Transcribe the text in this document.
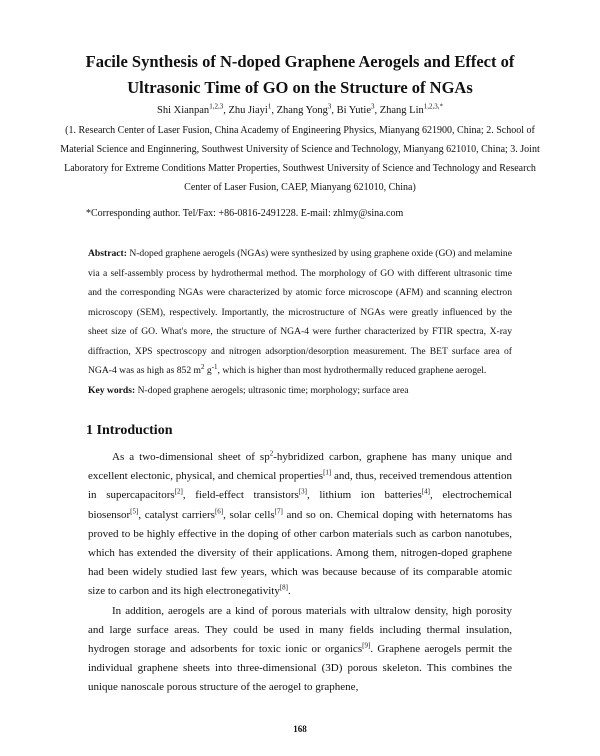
Facile Synthesis of N-doped Graphene Aerogels and Effect of
Ultrasonic Time of GO on the Structure of NGAs
Shi Xianpan$^{1,2,3}$, Zhu Jiayi$^1$, Zhang Yong$^3$, Bi Yutie$^3$, Zhang Lin$^{1,2,3,*}$
(1. Research Center of Laser Fusion, China Academy of Engineering Physics, Mianyang 621900, China; 2. School of Material Science and Enginnering, Southwest University of Science and Technology, Mianyang 621010, China; 3. Joint Laboratory for Extreme Conditions Matter Properties, Southwest University of Science and Technology and Research Center of Laser Fusion, CAEP, Mianyang 621010, China)
*Corresponding author. Tel/Fax: +86-0816-2491228. E-mail: zhlmy@sina.com
Abstract: N-doped graphene aerogels (NGAs) were synthesized by using graphene oxide (GO) and melamine via a self-assembly process by hydrothermal method. The morphology of GO with different ultrasonic time and the corresponding NGAs were characterized by atomic force microscope (AFM) and scanning electron microscopy (SEM), respectively. Importantly, the microstructure of NGAs were greatly influenced by the sheet size of GO. What's more, the structure of NGA-4 were further characterized by FTIR spectra, X-ray diffraction, XPS spectroscopy and nitrogen adsorption/desorption measurement. The BET surface area of NGA-4 was as high as 852 $m^2$ $g^{-1}$, which is higher than most hydrothermally reduced graphene aerogel.
Key words: N-doped graphene aerogels; ultrasonic time; morphology; surface area
1 Introduction

As a two-dimensional sheet of $sp^2$-hybridized carbon, graphene has many unique and excellent electonic, physical, and chemical properties[1] and, thus, received tremendous attention in supercapacitors[2], field-effect transistors[3], lithium ion batteries[4], electrochemical biosensor[5], catalyst carriers[6], solar cells[7] and so on. Chemical doping with heternatoms has proved to be highly effective in the doping of other carbon materials such as carbon nanotubes, which has extended the diversity of their applications. Among them, nitrogen-doped graphene had been widely studied last few years, which was because because of its comparable atomic size to carbon and its high electronegativity[8].

In addition, aerogels are a kind of porous materials with ultralow density, high porosity and large surface areas. They could be used in many fields including thermal insulation, hydrogen storage and adsorbents for toxic ionic or organics[9]. Graphene aerogels permit the individual graphene sheets into three-dimensional (3D) porous skeleton. This combines the unique nanoscale porous structure of the aerogel to graphene,

168
